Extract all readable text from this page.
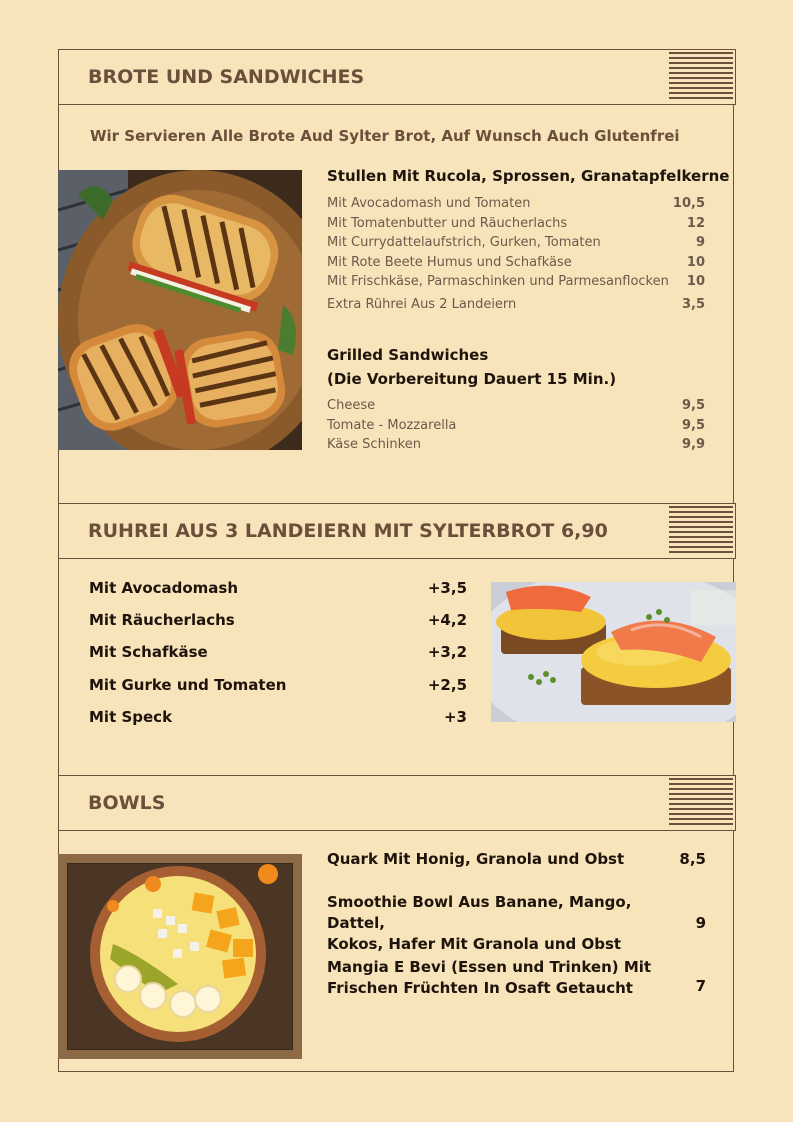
BROTE UND SANDWICHES
Wir Servieren Alle Brote Aud Sylter Brot, Auf Wunsch Auch Glutenfrei
Stullen Mit Rucola, Sprossen, Granatapfelkerne
Mit Avocadomash und Tomaten	10,5
Mit Tomatenbutter und Räucherlachs	12
Mit Currydattelaufstrich, Gurken, Tomaten	9
Mit Rote Beete Humus und Schafkäse	10
Mit Frischkäse, Parmaschinken und Parmesanflocken 10
Extra Rührei Aus 2 Landeiern	3,5
Grilled Sandwiches
(Die Vorbereitung Dauert 15 Min.)
Cheese	9,5
Tomate - Mozzarella	9,5
Käse Schinken	9,9
RUHREI AUS 3 LANDEIERN MIT SYLTERBROT 6,90
Mit Avocadomash	+3,5
Mit Räucherlachs	+4,2
Mit Schafkäse	+3,2
Mit Gurke und Tomaten	+2,5
Mit Speck	+3
BOWLS
Quark Mit Honig, Granola und Obst	8,5
Smoothie Bowl Aus Banane, Mango, Dattel,
Kokos, Hafer Mit Granola und Obst
9
Mangia E Bevi (Essen und Trinken) Mit
Frischen Früchten In Osaft Getaucht	7
